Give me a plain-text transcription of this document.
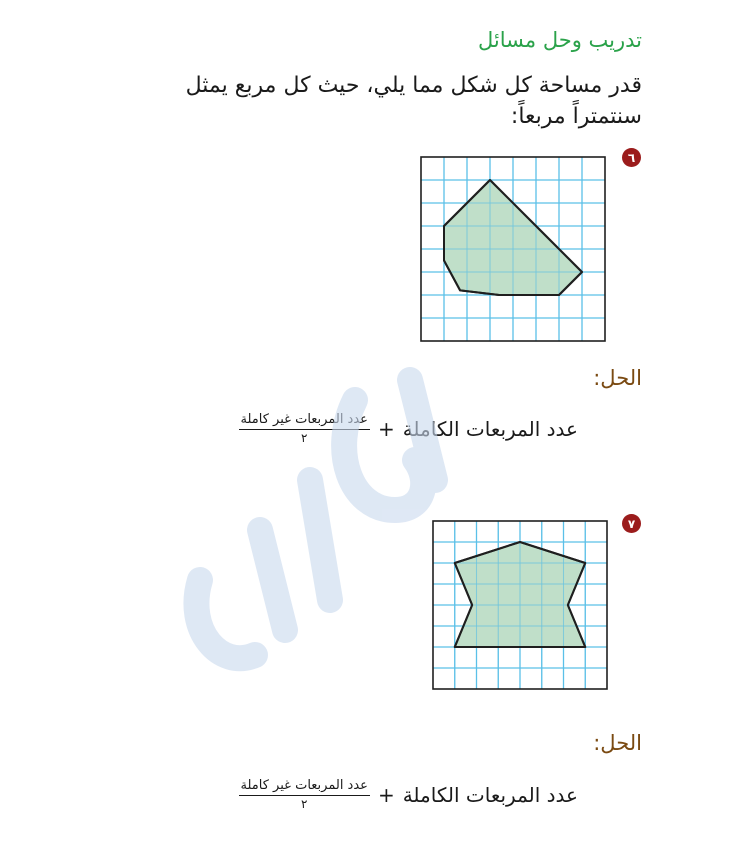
تدريب وحل مسائل
قدر مساحة كل شكل مما يلي، حيث كل مربع يمثل سنتمتراً مربعاً:
٦
الحل:
عدد المربعات الكاملة
+
$\frac{\text{عدد المربعات غير كاملة}}{٢}$
٧
الحل:
عدد المربعات الكاملة
+
$\frac{\text{عدد المربعات غير كاملة}}{٢}$
